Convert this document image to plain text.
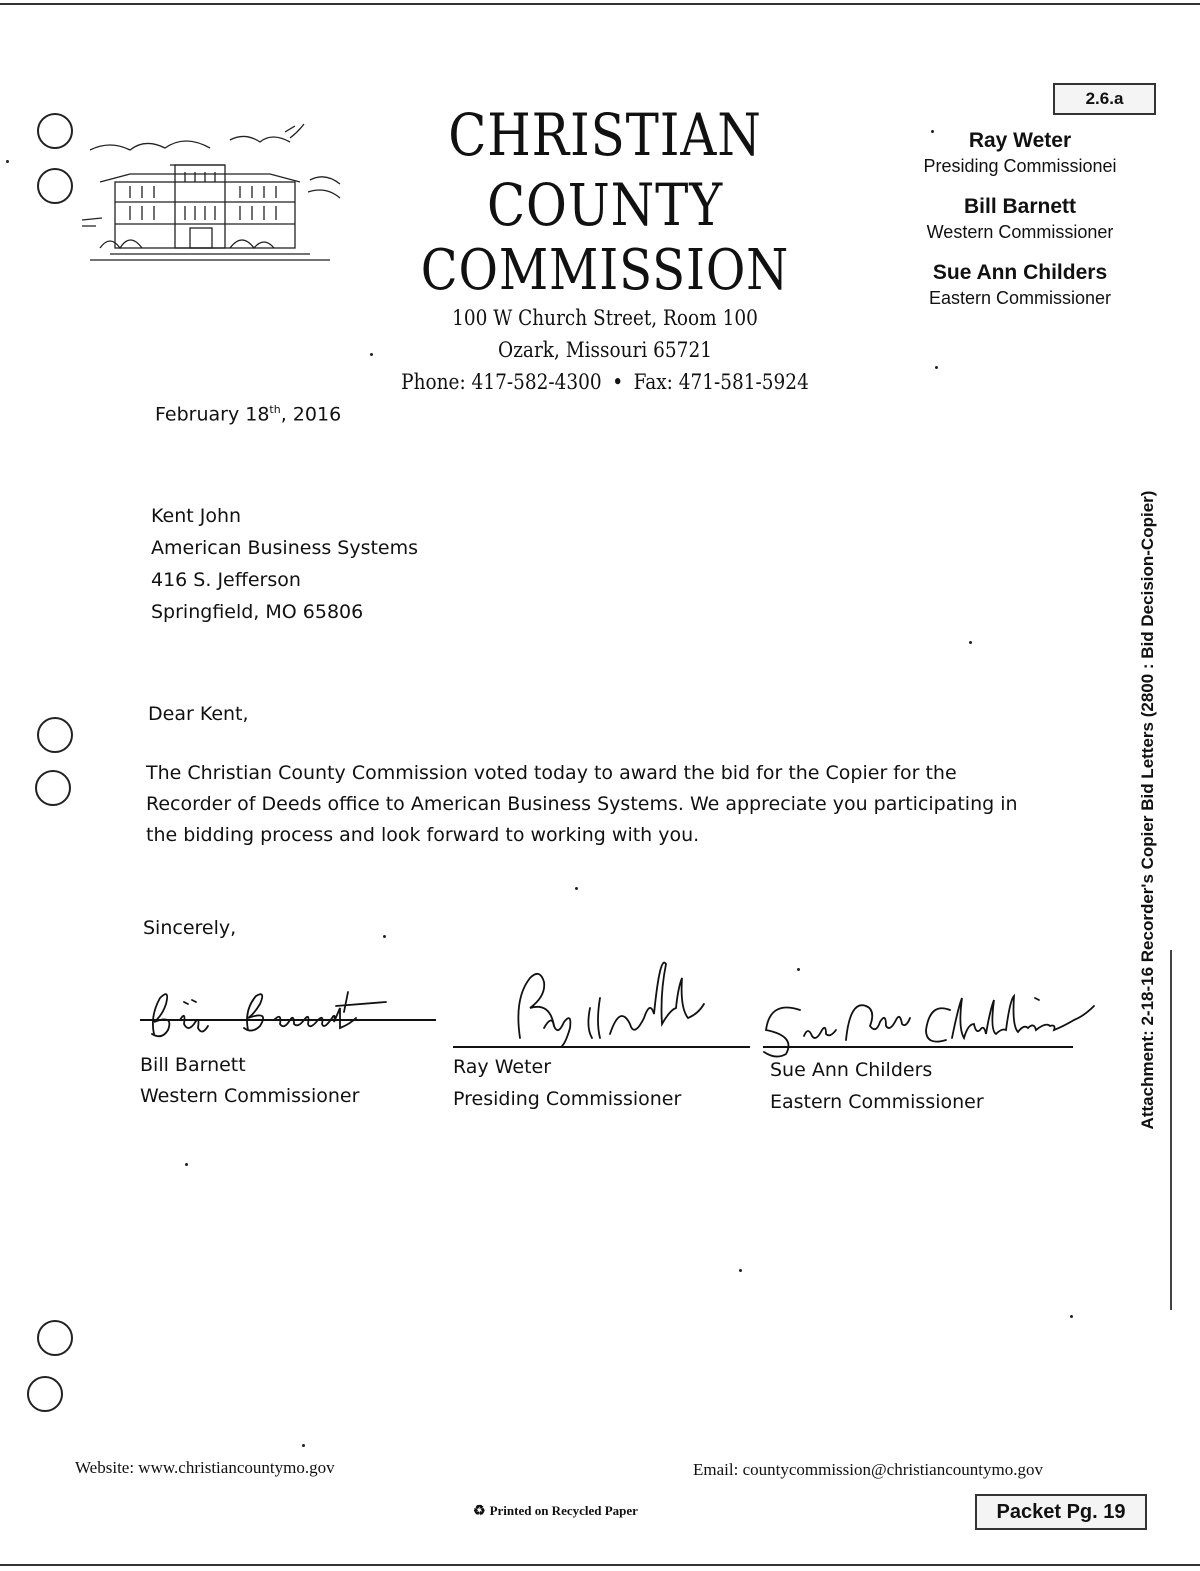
2.6.a
CHRISTIAN COUNTY
COMMISSION
100 W Church Street, Room 100
Ozark, Missouri 65721
Phone: 417-582-4300 • Fax: 471-581-5924
Ray Weter
Presiding Commissionei
Bill Barnett
Western Commissioner
Sue Ann Childers
Eastern Commissioner
February 18th, 2016
Kent John
American Business Systems
416 S. Jefferson
Springfield, MO 65806
Dear Kent,
The Christian County Commission voted today to award the bid for the Copier for the Recorder of Deeds office to American Business Systems. We appreciate you participating in the bidding process and look forward to working with you.
Sincerely,
Bill Barnett
Western Commissioner
Ray Weter
Presiding Commissioner
Sue Ann Childers
Eastern Commissioner	Attachment: 2-18-16 Recorder's Copier Bid Letters (2800 : Bid Decision-Copier)
Website: www.christiancountymo.gov	Email: countycommission@christiancountymo.gov
♻ Printed on Recycled Paper	Packet Pg. 19
